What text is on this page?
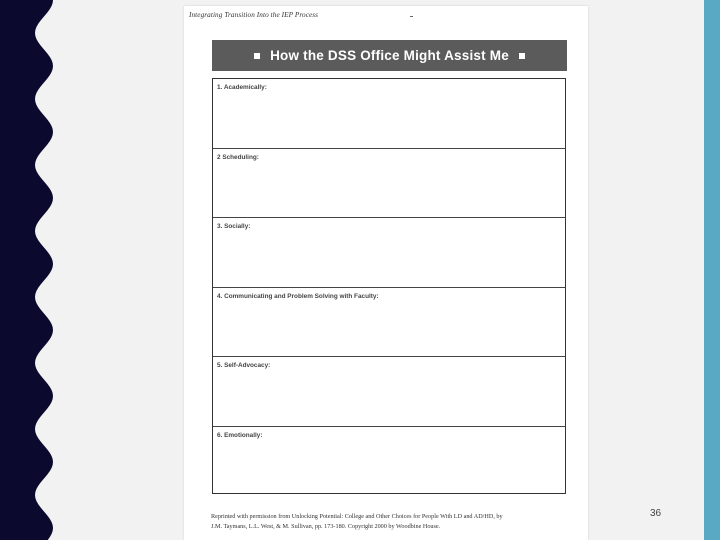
Integrating Transition Into the IEP Process
How the DSS Office Might Assist Me
1. Academically:
2 Scheduling:
3. Socially:
4. Communicating and Problem Solving with Faculty:
5. Self-Advocacy:
6. Emotionally:
Reprinted with permission from Unlocking Potential: College and Other Choices for People With LD and AD/HD, by
J.M. Taymans, L.L. West, & M. Sullivan, pp. 173-180. Copyright 2000 by Woodbine House.
36
